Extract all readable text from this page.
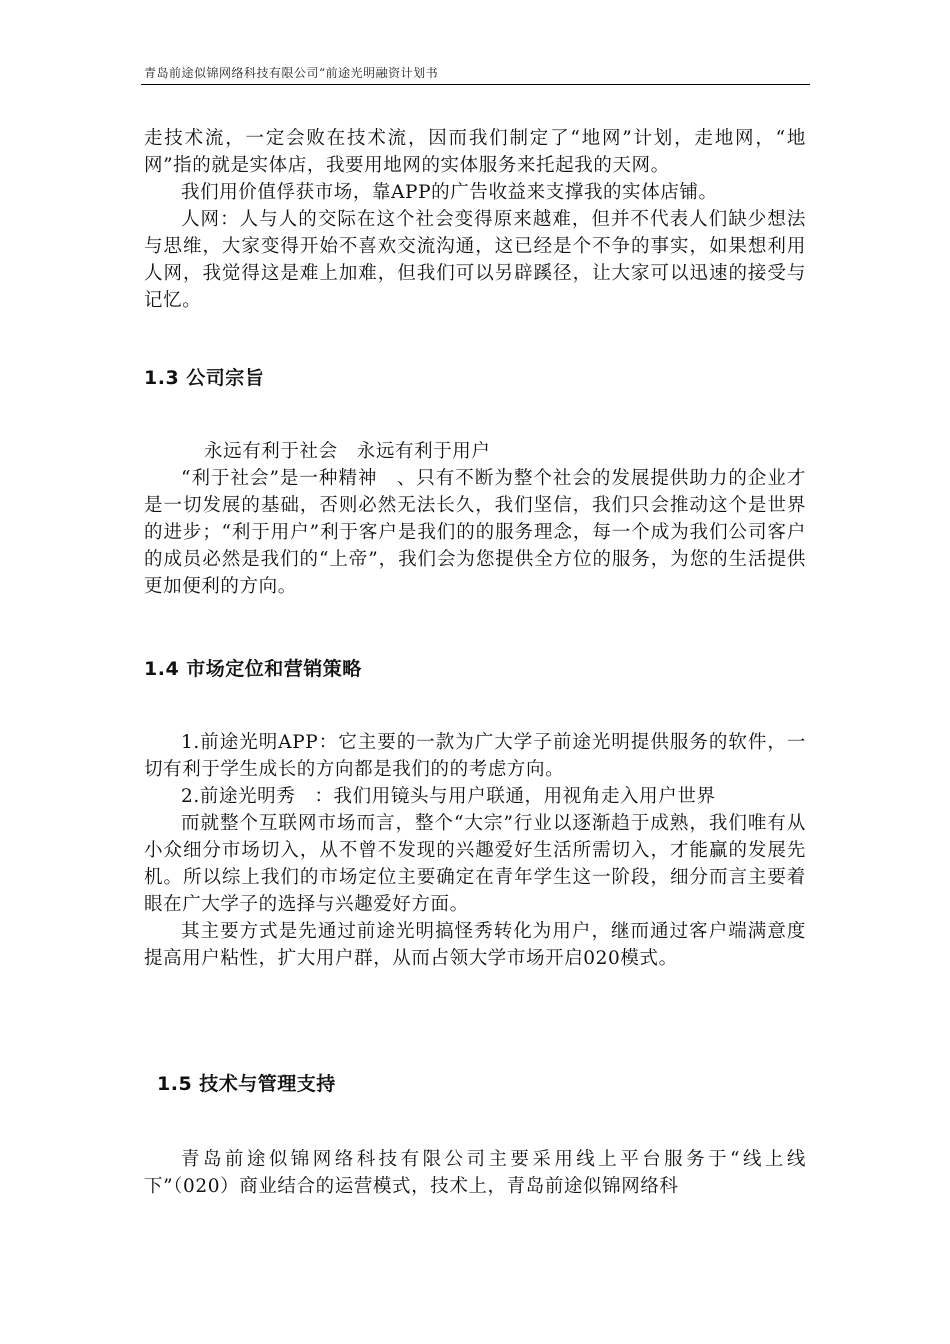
青岛前途似锦网络科技有限公司“前途光明融资计划书

走技术流，一定会败在技术流，因而我们制定了“地网”计划，走地网，“地网”指的就是实体店，我要用地网的实体服务来托起我的天网。

我们用价值俘获市场，靠APP的广告收益来支撑我的实体店铺。

人网：人与人的交际在这个社会变得原来越难，但并不代表人们缺少想法与思维，大家变得开始不喜欢交流沟通，这已经是个不争的事实，如果想利用人网，我觉得这是难上加难，但我们可以另辟蹊径，让大家可以迅速的接受与记忆。

1.3 公司宗旨

永远有利于社会　永远有利于用户

“利于社会”是一种精神　、只有不断为整个社会的发展提供助力的企业才是一切发展的基础，否则必然无法长久，我们坚信，我们只会推动这个是世界的进步；“利于用户”利于客户是我们的的服务理念，每一个成为我们公司客户的成员必然是我们的“上帝”，我们会为您提供全方位的服务，为您的生活提供更加便利的方向。

1.4 市场定位和营销策略

1.前途光明APP：它主要的一款为广大学子前途光明提供服务的软件，一切有利于学生成长的方向都是我们的的考虑方向。

2.前途光明秀　：我们用镜头与用户联通，用视角走入用户世界

而就整个互联网市场而言，整个“大宗”行业以逐渐趋于成熟，我们唯有从小众细分市场切入，从不曾不发现的兴趣爱好生活所需切入，才能赢的发展先机。所以综上我们的市场定位主要确定在青年学生这一阶段，细分而言主要着眼在广大学子的选择与兴趣爱好方面。

其主要方式是先通过前途光明搞怪秀转化为用户，继而通过客户端满意度提高用户粘性，扩大用户群，从而占领大学市场开启020模式。

1.5 技术与管理支持

青岛前途似锦网络科技有限公司主要采用线上平台服务于“线上线下”（020）商业结合的运营模式，技术上，青岛前途似锦网络科
